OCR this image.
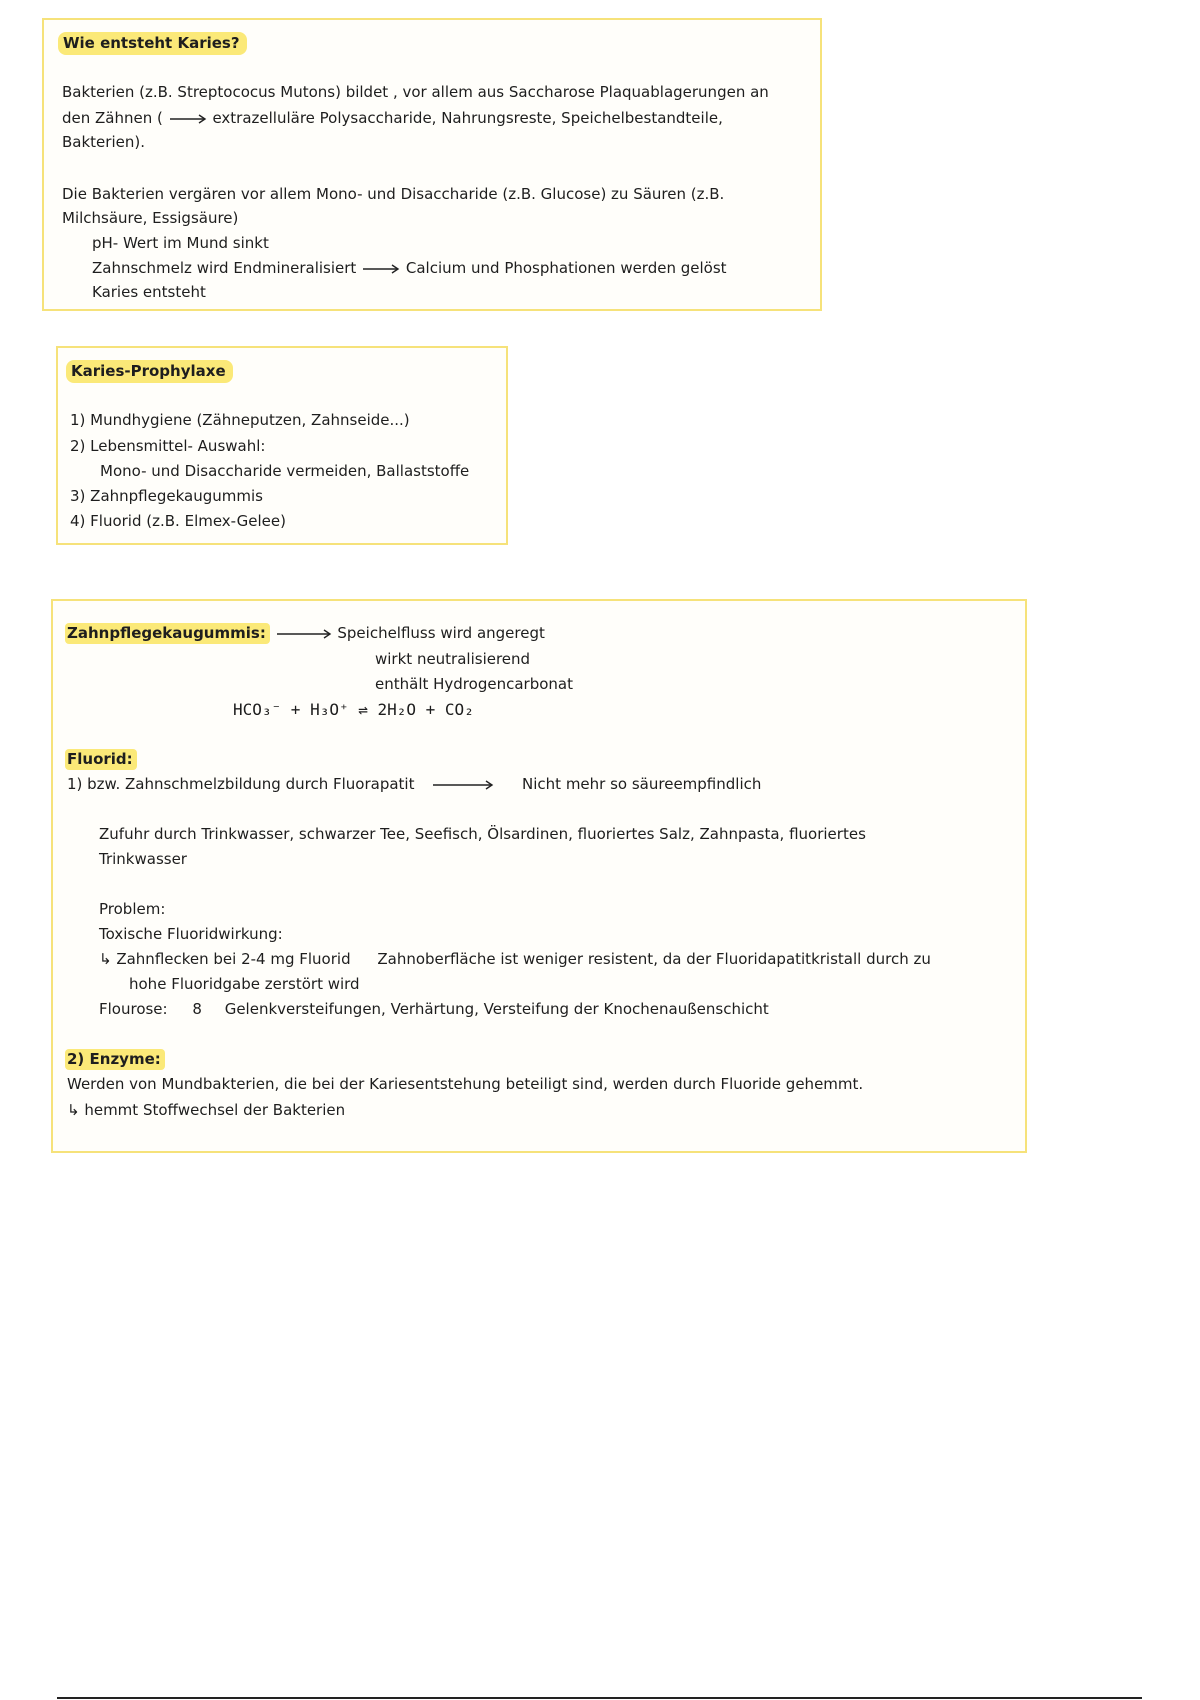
Wie entsteht Karies?
Bakterien (z.B. Streptococus Mutons) bildet , vor allem aus Saccharose Plaquablagerungen an
den Zähnen (	extrazelluläre Polysaccharide, Nahrungsreste, Speichelbestandteile,
Bakterien).
Die Bakterien vergären vor allem Mono- und Disaccharide (z.B. Glucose) zu Säuren (z.B.
Milchsäure, Essigsäure)
pH- Wert im Mund sinkt
Zahnschmelz wird Endmineralisiert	Calcium und Phosphationen werden gelöst
Karies entsteht
Karies-Prophylaxe
1) Mundhygiene (Zähneputzen, Zahnseide...)
2) Lebensmittel- Auswahl:
Mono- und Disaccharide vermeiden, Ballaststoffe
3) Zahnpflegekaugummis
4) Fluorid (z.B. Elmex-Gelee)
Zahnpflegekaugummis:	Speichelfluss wird angeregt
wirkt neutralisierend
enthält Hydrogencarbonat
HCO₃⁻ + H₃O⁺ ⇌ 2H₂O + CO₂
Fluorid:
1) bzw. Zahnschmelzbildung durch Fluorapatit	Nicht mehr so säureempfindlich
Zufuhr durch Trinkwasser, schwarzer Tee, Seefisch, Ölsardinen, fluoriertes Salz, Zahnpasta, fluoriertes
Trinkwasser
Problem:
Toxische Fluoridwirkung:
↳ Zahnflecken bei 2-4 mg Fluorid Zahnoberfläche ist weniger resistent, da der Fluoridapatitkristall durch zu
hohe Fluoridgabe zerstört wird
Flourose: 8 Gelenkversteifungen, Verhärtung, Versteifung der Knochenaußenschicht
2) Enzyme:
Werden von Mundbakterien, die bei der Kariesentstehung beteiligt sind, werden durch Fluoride gehemmt.
↳ hemmt Stoffwechsel der Bakterien
